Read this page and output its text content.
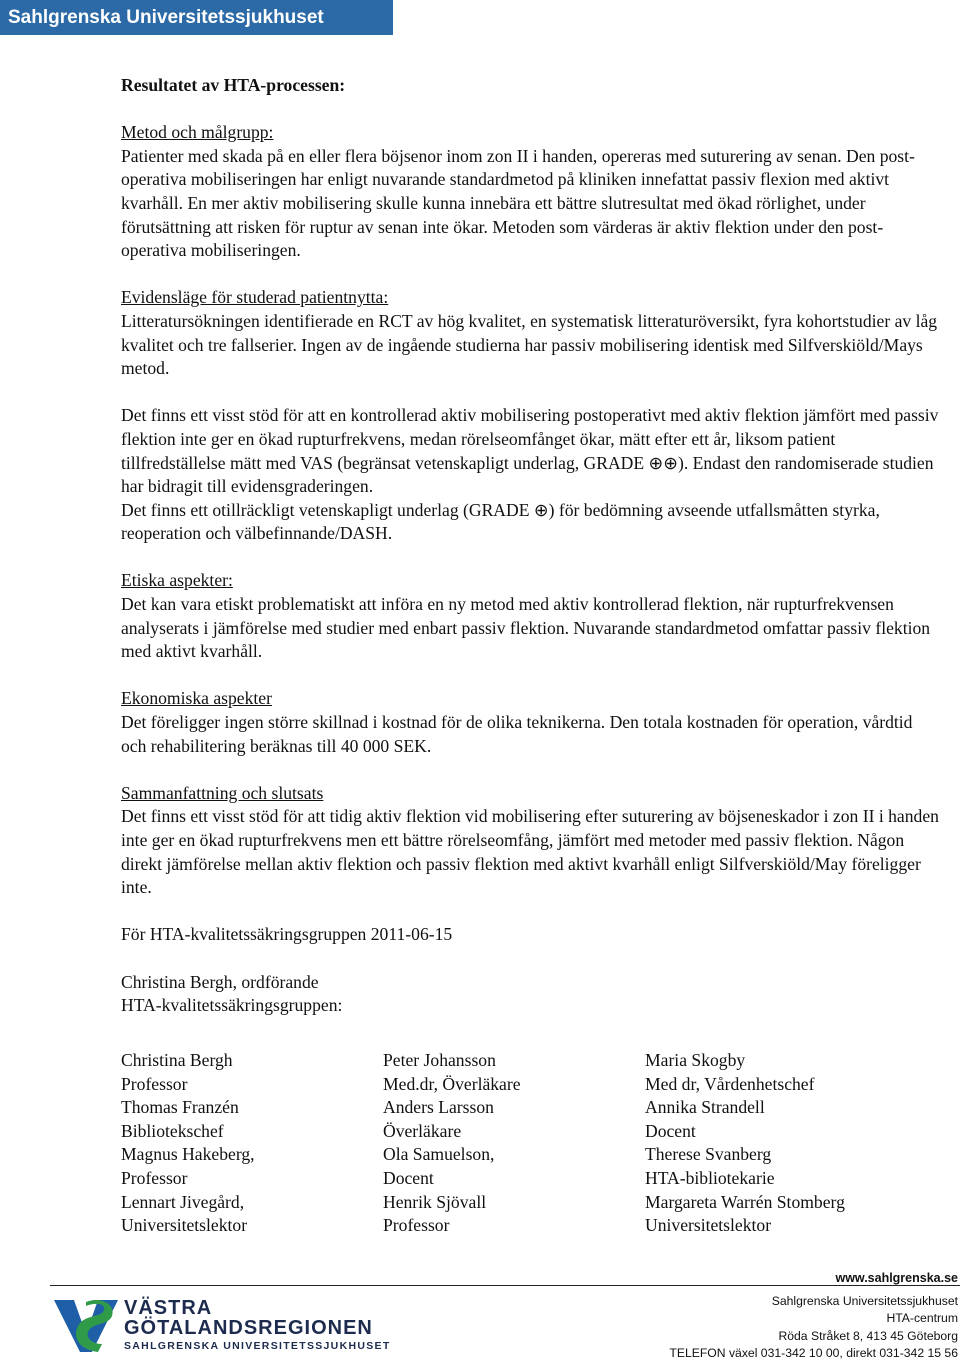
Sahlgrenska Universitetssjukhuset

Resultatet av HTA-processen:

Metod och målgrupp:
Patienter med skada på en eller flera böjsenor inom zon II i handen, opereras med suturering av senan. Den post-operativa mobiliseringen har enligt nuvarande standardmetod på kliniken innefattat passiv flexion med aktivt kvarhåll. En mer aktiv mobilisering skulle kunna innebära ett bättre slutresultat med ökad rörlighet, under förutsättning att risken för ruptur av senan inte ökar. Metoden som värderas är aktiv flektion under den post-operativa mobiliseringen.

Evidensläge för studerad patientnytta:
Litteratursökningen identifierade en RCT av hög kvalitet, en systematisk litteraturöversikt, fyra kohortstudier av låg kvalitet och tre fallserier. Ingen av de ingående studierna har passiv mobilisering identisk med Silfverskiöld/Mays metod.

Det finns ett visst stöd för att en kontrollerad aktiv mobilisering postoperativt med aktiv flektion jämfört med passiv flektion inte ger en ökad rupturfrekvens, medan rörelseomfånget ökar, mätt efter ett år, liksom patient tillfredställelse mätt med VAS (begränsat vetenskapligt underlag, GRADE ⊕⊕). Endast den randomiserade studien har bidragit till evidensgraderingen.
Det finns ett otillräckligt vetenskapligt underlag (GRADE ⊕) för bedömning avseende utfallsmåtten styrka, reoperation och välbefinnande/DASH.

Etiska aspekter:
Det kan vara etiskt problematiskt att införa en ny metod med aktiv kontrollerad flektion, när rupturfrekvensen analyserats i jämförelse med studier med enbart passiv flektion. Nuvarande standardmetod omfattar passiv flektion med aktivt kvarhåll.

Ekonomiska aspekter
Det föreligger ingen större skillnad i kostnad för de olika teknikerna. Den totala kostnaden för operation, vårdtid och rehabilitering beräknas till 40 000 SEK.

Sammanfattning och slutsats
Det finns ett visst stöd för att tidig aktiv flektion vid mobilisering efter suturering av böjseneskador i zon II i handen inte ger en ökad rupturfrekvens men ett bättre rörelseomfång, jämfört med metoder med passiv flektion. Någon direkt jämförelse mellan aktiv flektion och passiv flektion med aktivt kvarhåll enligt Silfverskiöld/May föreligger inte.

För HTA-kvalitetssäkringsgruppen 2011-06-15

Christina Bergh, ordförande
HTA-kvalitetssäkringsgruppen:
Christina Bergh	Peter Johansson	Maria Skogby
Professor	Med.dr, Överläkare	Med dr, Vårdenhetschef
Thomas Franzén	Anders Larsson	Annika Strandell
Bibliotekschef	Överläkare	Docent
Magnus Hakeberg,	Ola Samuelson,	Therese Svanberg
Professor	Docent	HTA-bibliotekarie
Lennart Jivegård,	Henrik Sjövall	Margareta Warrén Stomberg
Universitetslektor	Professor	Universitetslektor
VÄSTRA
GÖTALANDSREGIONEN
SAHLGRENSKA UNIVERSITETSSJUKHUSET
www.sahlgrenska.se
Sahlgrenska Universitetssjukhuset
HTA-centrum
Röda Stråket 8, 413 45 Göteborg
TELEFON växel 031-342 10 00, direkt 031-342 15 56
